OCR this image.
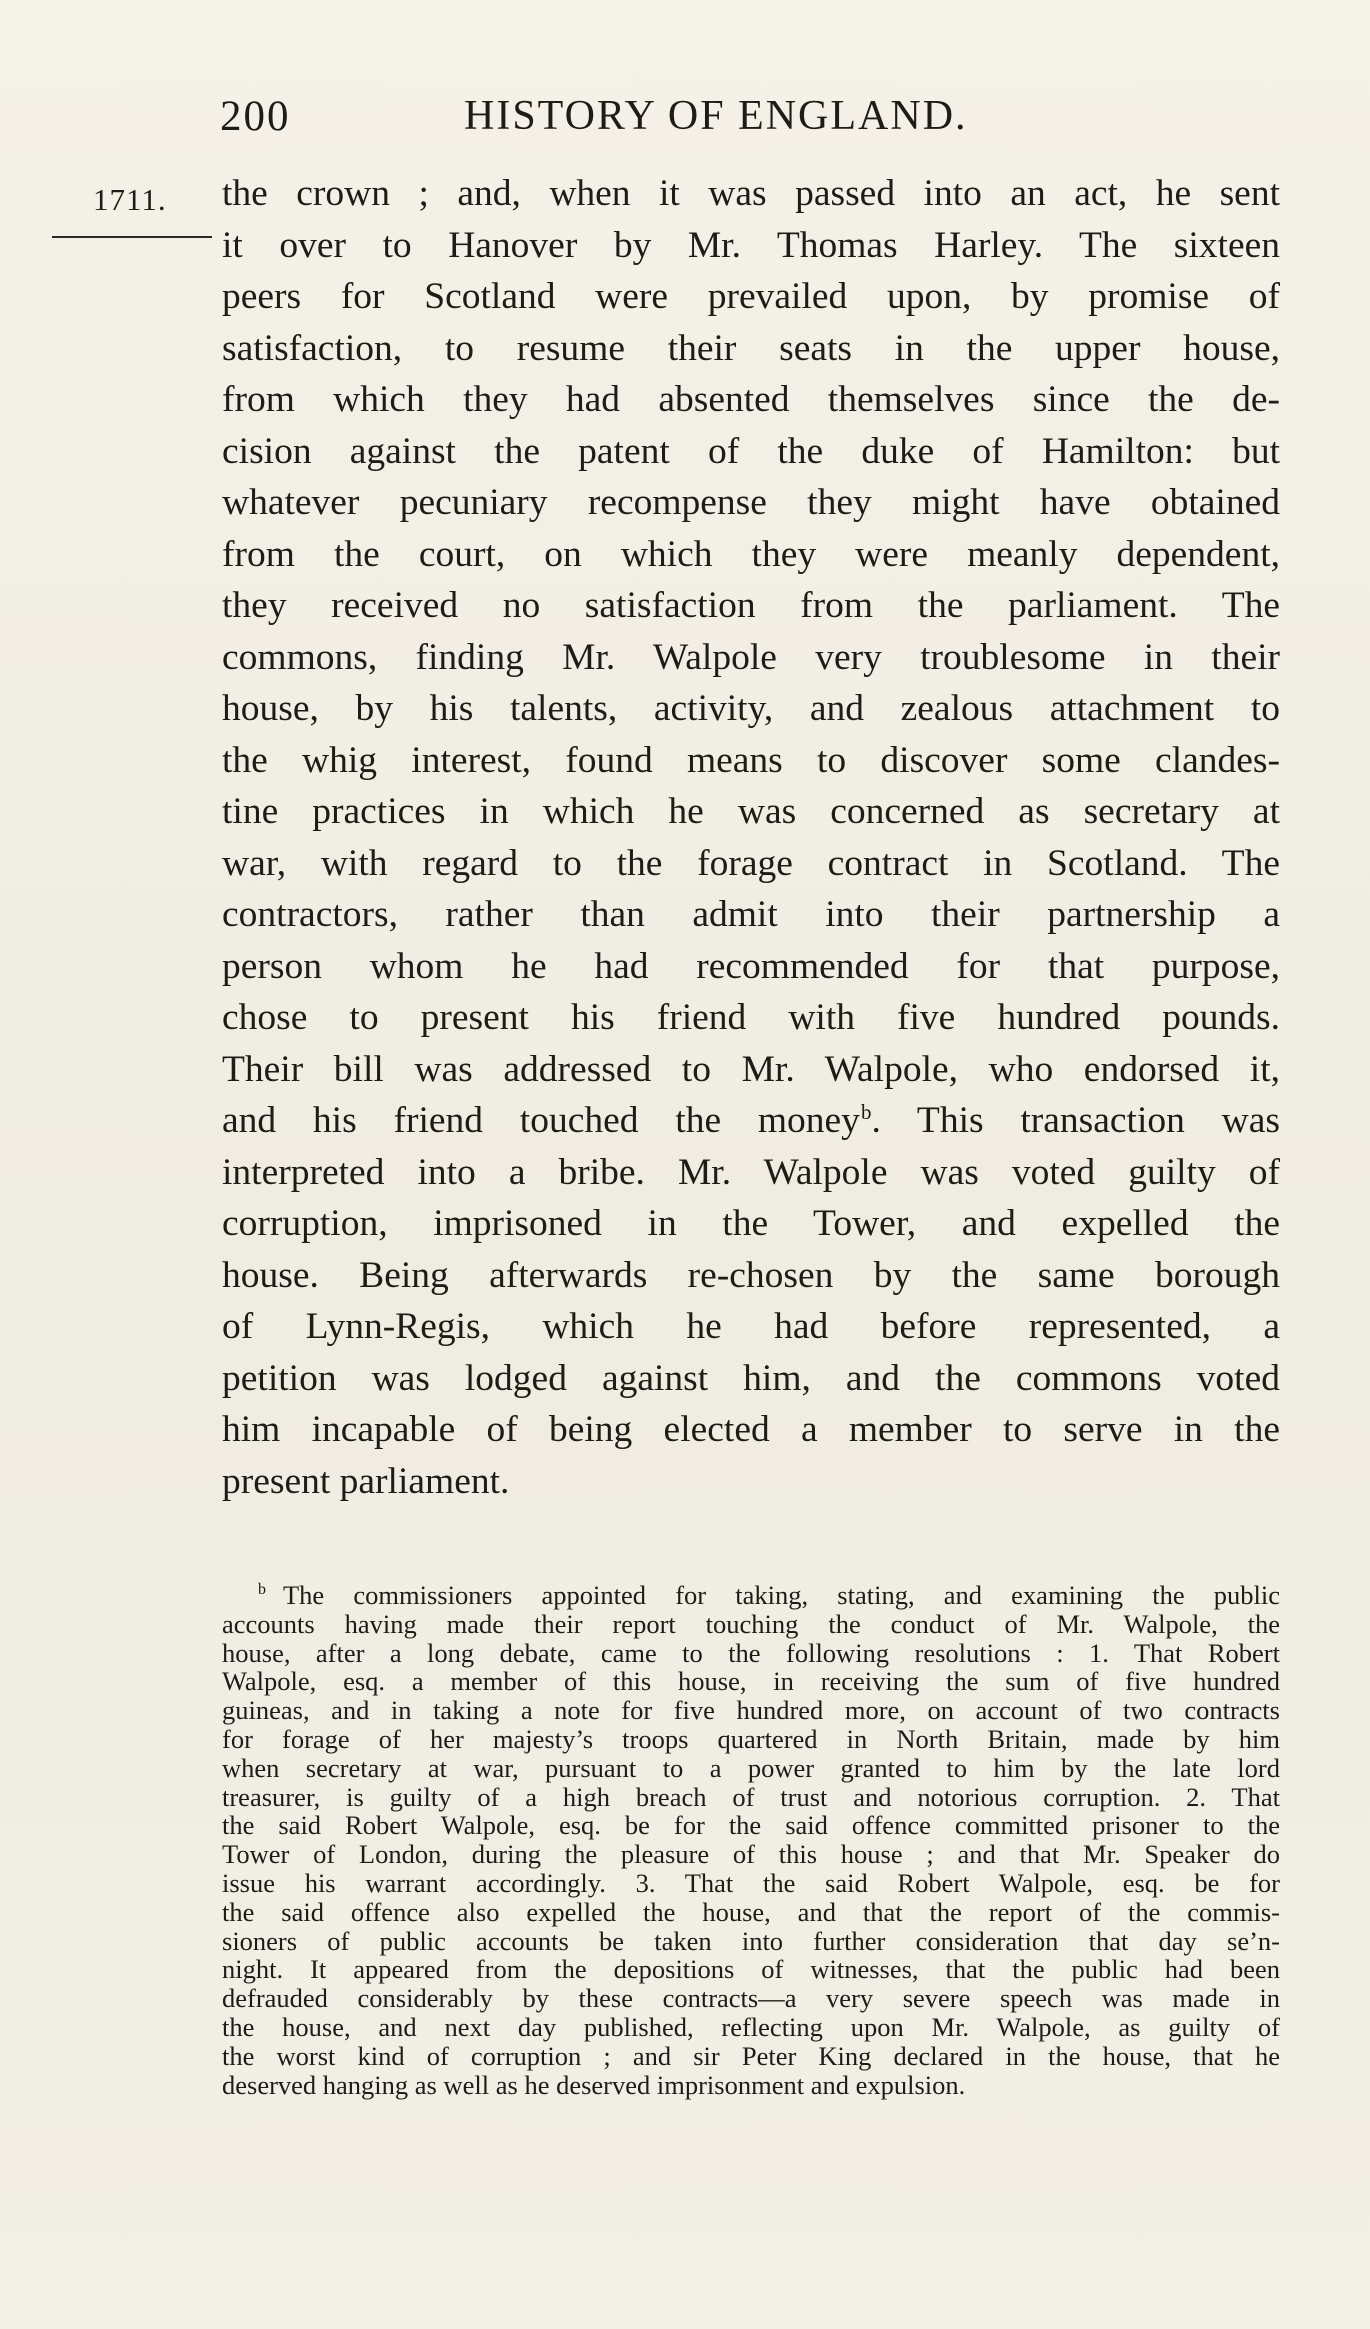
200	HISTORY OF ENGLAND.
1711. the crown ; and, when it was passed into an act, he sent
it over to Hanover by Mr. Thomas Harley. The sixteen
peers for Scotland were prevailed upon, by promise of
satisfaction, to resume their seats in the upper house,
from which they had absented themselves since the de-
cision against the patent of the duke of Hamilton: but
whatever pecuniary recompense they might have obtained
from the court, on which they were meanly dependent,
they received no satisfaction from the parliament. The
commons, finding Mr. Walpole very troublesome in their
house, by his talents, activity, and zealous attachment to
the whig interest, found means to discover some clandes-
tine practices in which he was concerned as secretary at
war, with regard to the forage contract in Scotland. The
contractors, rather than admit into their partnership a
person whom he had recommended for that purpose,
chose to present his friend with five hundred pounds.
Their bill was addressed to Mr. Walpole, who endorsed it,
and his friend touched the money$^b$. This transaction was
interpreted into a bribe. Mr. Walpole was voted guilty of
corruption, imprisoned in the Tower, and expelled the
house. Being afterwards re-chosen by the same borough
of Lynn-Regis, which he had before represented, a
petition was lodged against him, and the commons voted
him incapable of being elected a member to serve in the
present parliament.
b The commissioners appointed for taking, stating, and examining the public
accounts having made their report touching the conduct of Mr. Walpole, the
house, after a long debate, came to the following resolutions : 1. That Robert
Walpole, esq. a member of this house, in receiving the sum of five hundred
guineas, and in taking a note for five hundred more, on account of two contracts
for forage of her majesty’s troops quartered in North Britain, made by him
when secretary at war, pursuant to a power granted to him by the late lord
treasurer, is guilty of a high breach of trust and notorious corruption. 2. That
the said Robert Walpole, esq. be for the said offence committed prisoner to the
Tower of London, during the pleasure of this house ; and that Mr. Speaker do
issue his warrant accordingly. 3. That the said Robert Walpole, esq. be for
the said offence also expelled the house, and that the report of the commis-
sioners of public accounts be taken into further consideration that day se’n-
night. It appeared from the depositions of witnesses, that the public had been
defrauded considerably by these contracts—a very severe speech was made in
the house, and next day published, reflecting upon Mr. Walpole, as guilty of
the worst kind of corruption ; and sir Peter King declared in the house, that he
deserved hanging as well as he deserved imprisonment and expulsion.
